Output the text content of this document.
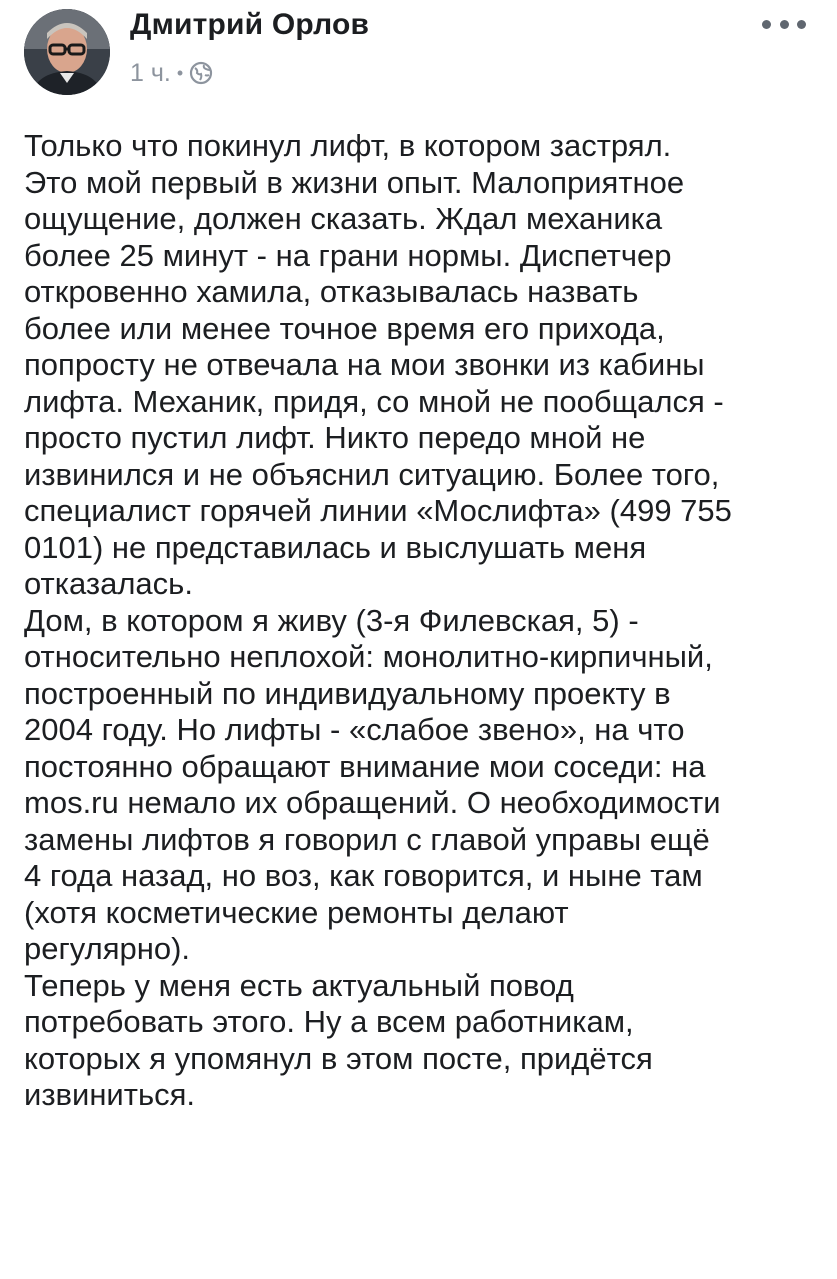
Дмитрий Орлов
1 ч. •
Только что покинул лифт, в котором застрял.
Это мой первый в жизни опыт. Малоприятное
ощущение, должен сказать. Ждал механика
более 25 минут - на грани нормы. Диспетчер
откровенно хамила, отказывалась назвать
более или менее точное время его прихода,
попросту не отвечала на мои звонки из кабины
лифта. Механик, придя, со мной не пообщался -
просто пустил лифт. Никто передо мной не
извинился и не объяснил ситуацию. Более того,
специалист горячей линии «Мослифта» (499 755
0101) не представилась и выслушать меня
отказалась.
Дом, в котором я живу (3-я Филевская, 5) -
относительно неплохой: монолитно-кирпичный,
построенный по индивидуальному проекту в
2004 году. Но лифты - «слабое звено», на что
постоянно обращают внимание мои соседи: на
mos.ru немало их обращений. О необходимости
замены лифтов я говорил с главой управы ещё
4 года назад, но воз, как говорится, и ныне там
(хотя косметические ремонты делают
регулярно).
Теперь у меня есть актуальный повод
потребовать этого. Ну а всем работникам,
которых я упомянул в этом посте, придётся
извиниться.
